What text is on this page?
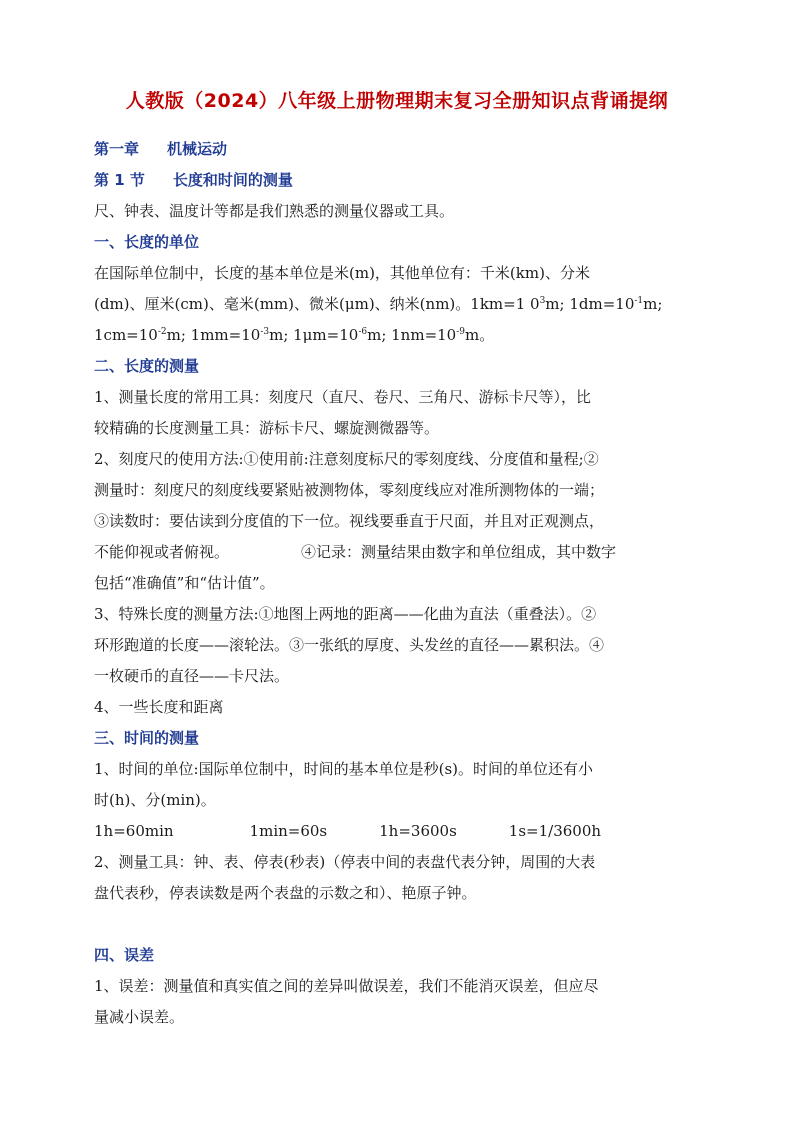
人教版（2024）八年级上册物理期末复习全册知识点背诵提纲
第一章 机械运动
第 1 节 长度和时间的测量
尺、钟表、温度计等都是我们熟悉的测量仪器或工具。
一、长度的单位
在国际单位制中，长度的基本单位是米(m)，其他单位有：千米(km)、分米
(dm)、厘米(cm)、毫米(mm)、微米(μm)、纳米(nm)。1km=1 $0^3m$; $1dm=10^{-1}m$;
$1cm=10^{-2}m$; $1mm=10^{-3}m$; $1\mu m=10^{-6}m$; $1nm=10^{-9}m$。
二、长度的测量
1、测量长度的常用工具：刻度尺（直尺、卷尺、三角尺、游标卡尺等），比
较精确的长度测量工具：游标卡尺、螺旋测微器等。
2、刻度尺的使用方法:①使用前:注意刻度标尺的零刻度线、分度值和量程;②
测量时：刻度尺的刻度线要紧贴被测物体，零刻度线应对准所测物体的一端；
③读数时：要估读到分度值的下一位。视线要垂直于尺面，并且对正观测点，
不能仰视或者俯视。	④记录：测量结果由数字和单位组成，其中数字
包括“准确值”和“估计值”。
3、特殊长度的测量方法:①地图上两地的距离——化曲为直法（重叠法）。②
环形跑道的长度——滚轮法。③一张纸的厚度、头发丝的直径——累积法。④
一枚硬币的直径——卡尺法。
4、一些长度和距离
三、时间的测量
1、时间的单位:国际单位制中，时间的基本单位是秒(s)。时间的单位还有小
时(h)、分(min)。
1h=60min	1min=60s	1h=3600s	1s=1/3600h
2、测量工具：钟、表、停表(秒表)（停表中间的表盘代表分钟，周围的大表
盘代表秒，停表读数是两个表盘的示数之和）、艳原子钟。
四、误差
1、误差：测量值和真实值之间的差异叫做误差，我们不能消灭误差，但应尽
量减小误差。
